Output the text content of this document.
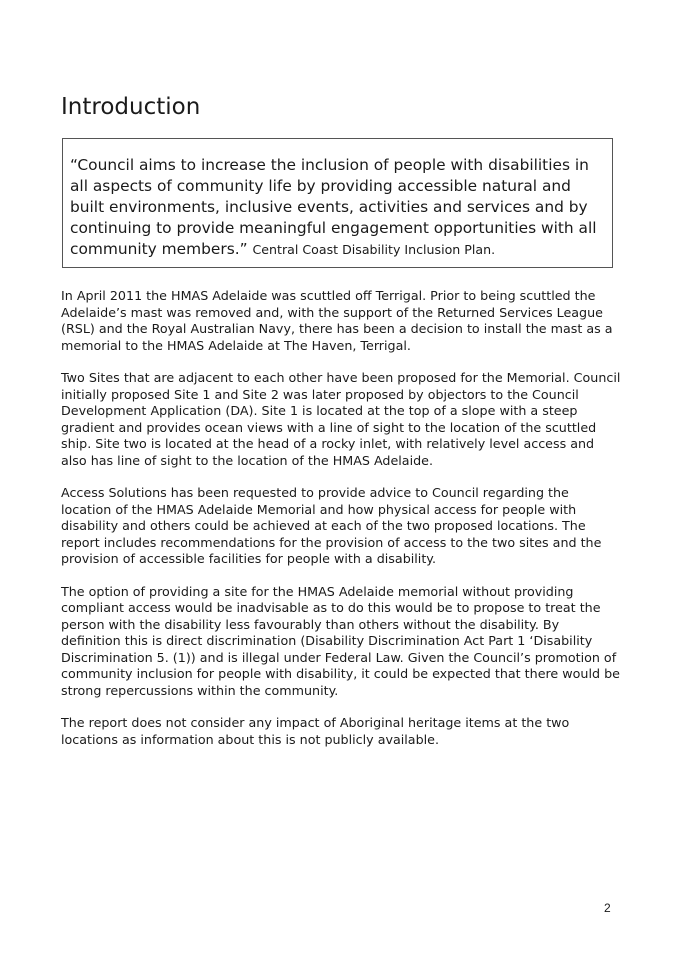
Introduction

“Council aims to increase the inclusion of people with disabilities in all aspects of community life by providing accessible natural and built environments, inclusive events, activities and services and by continuing to provide meaningful engagement opportunities with all community members.” Central Coast Disability Inclusion Plan.

In April 2011 the HMAS Adelaide was scuttled off Terrigal. Prior to being scuttled the Adelaide’s mast was removed and, with the support of the Returned Services League (RSL) and the Royal Australian Navy, there has been a decision to install the mast as a memorial to the HMAS Adelaide at The Haven, Terrigal.

Two Sites that are adjacent to each other have been proposed for the Memorial. Council initially proposed Site 1 and Site 2 was later proposed by objectors to the Council Development Application (DA). Site 1 is located at the top of a slope with a steep gradient and provides ocean views with a line of sight to the location of the scuttled ship. Site two is located at the head of a rocky inlet, with relatively level access and also has line of sight to the location of the HMAS Adelaide.

Access Solutions has been requested to provide advice to Council regarding the location of the HMAS Adelaide Memorial and how physical access for people with disability and others could be achieved at each of the two proposed locations. The report includes recommendations for the provision of access to the two sites and the provision of accessible facilities for people with a disability.

The option of providing a site for the HMAS Adelaide memorial without providing compliant access would be inadvisable as to do this would be to propose to treat the person with the disability less favourably than others without the disability. By definition this is direct discrimination (Disability Discrimination Act Part 1 ‘Disability Discrimination 5. (1)) and is illegal under Federal Law. Given the Council’s promotion of community inclusion for people with disability, it could be expected that there would be strong repercussions within the community.

The report does not consider any impact of Aboriginal heritage items at the two locations as information about this is not publicly available.

2
